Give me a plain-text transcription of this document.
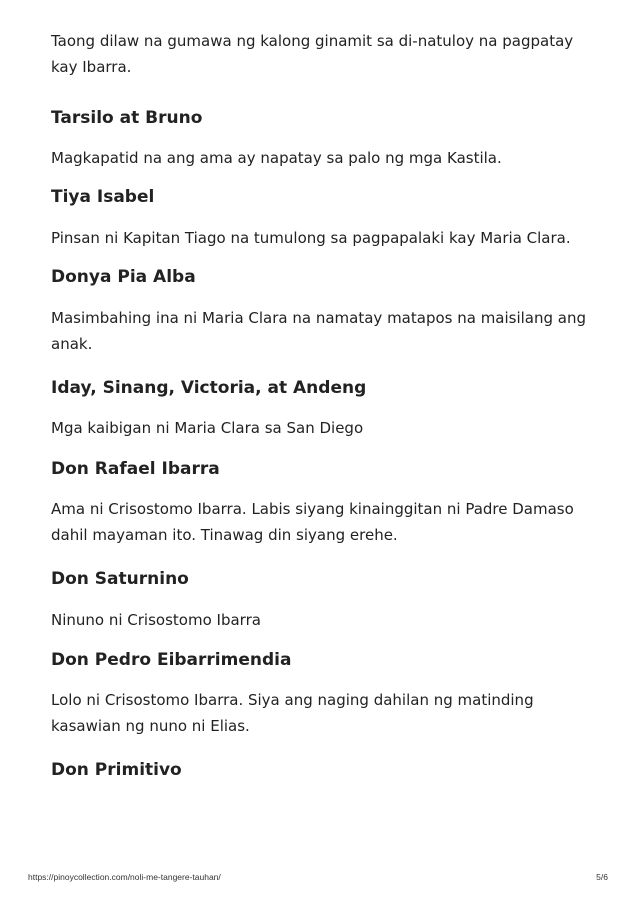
Taong dilaw na gumawa ng kalong ginamit sa di-natuloy na pagpatay kay Ibarra.

Tarsilo at Bruno

Magkapatid na ang ama ay napatay sa palo ng mga Kastila.

Tiya Isabel

Pinsan ni Kapitan Tiago na tumulong sa pagpapalaki kay Maria Clara.

Donya Pia Alba

Masimbahing ina ni Maria Clara na namatay matapos na maisilang ang anak.

Iday, Sinang, Victoria, at Andeng

Mga kaibigan ni Maria Clara sa San Diego

Don Rafael Ibarra

Ama ni Crisostomo Ibarra. Labis siyang kinainggitan ni Padre Damaso dahil mayaman ito. Tinawag din siyang erehe.

Don Saturnino

Ninuno ni Crisostomo Ibarra

Don Pedro Eibarrimendia

Lolo ni Crisostomo Ibarra. Siya ang naging dahilan ng matinding kasawian ng nuno ni Elias.

Don Primitivo
https://pinoycollection.com/noli-me-tangere-tauhan/	5/6
